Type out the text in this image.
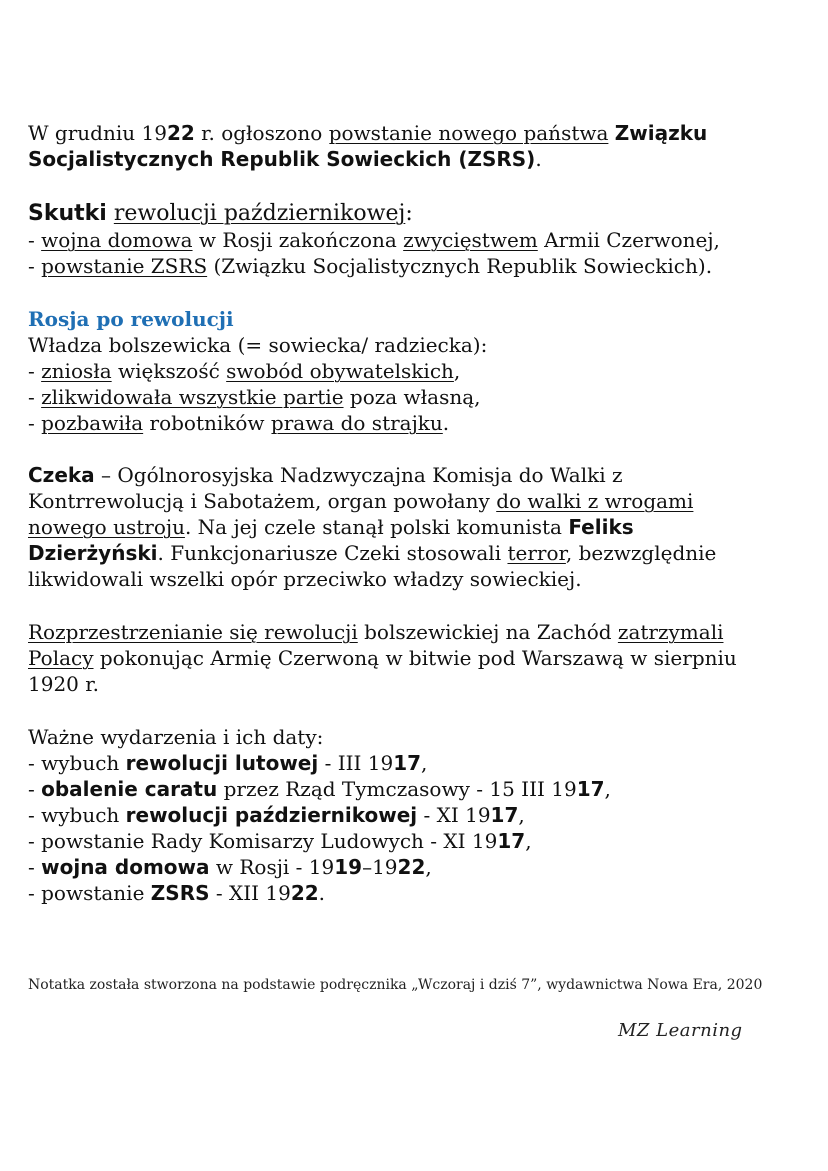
W grudniu 1922 r. ogłoszono powstanie nowego państwa Związku
Socjalistycznych Republik Sowieckich (ZSRS).
Skutki rewolucji październikowej:
- wojna domowa w Rosji zakończona zwycięstwem Armii Czerwonej,
- powstanie ZSRS (Związku Socjalistycznych Republik Sowieckich).
Rosja po rewolucji
Władza bolszewicka (= sowiecka/ radziecka):
- zniosła większość swobód obywatelskich,
- zlikwidowała wszystkie partie poza własną,
- pozbawiła robotników prawa do strajku.
Czeka – Ogólnorosyjska Nadzwyczajna Komisja do Walki z
Kontrrewolucją i Sabotażem, organ powołany do walki z wrogami
nowego ustroju. Na jej czele stanął polski komunista Feliks
Dzierżyński. Funkcjonariusze Czeki stosowali terror, bezwzględnie
likwidowali wszelki opór przeciwko władzy sowieckiej.
Rozprzestrzenianie się rewolucji bolszewickiej na Zachód zatrzymali
Polacy pokonując Armię Czerwoną w bitwie pod Warszawą w sierpniu
1920 r.
Ważne wydarzenia i ich daty:
- wybuch rewolucji lutowej - III 1917,
- obalenie caratu przez Rząd Tymczasowy - 15 III 1917,
- wybuch rewolucji październikowej - XI 1917,
- powstanie Rady Komisarzy Ludowych - XI 1917,
- wojna domowa w Rosji - 1919–1922,
- powstanie ZSRS - XII 1922.
Notatka została stworzona na podstawie podręcznika „Wczoraj i dziś 7”, wydawnictwa Nowa Era, 2020
MZ Learning
